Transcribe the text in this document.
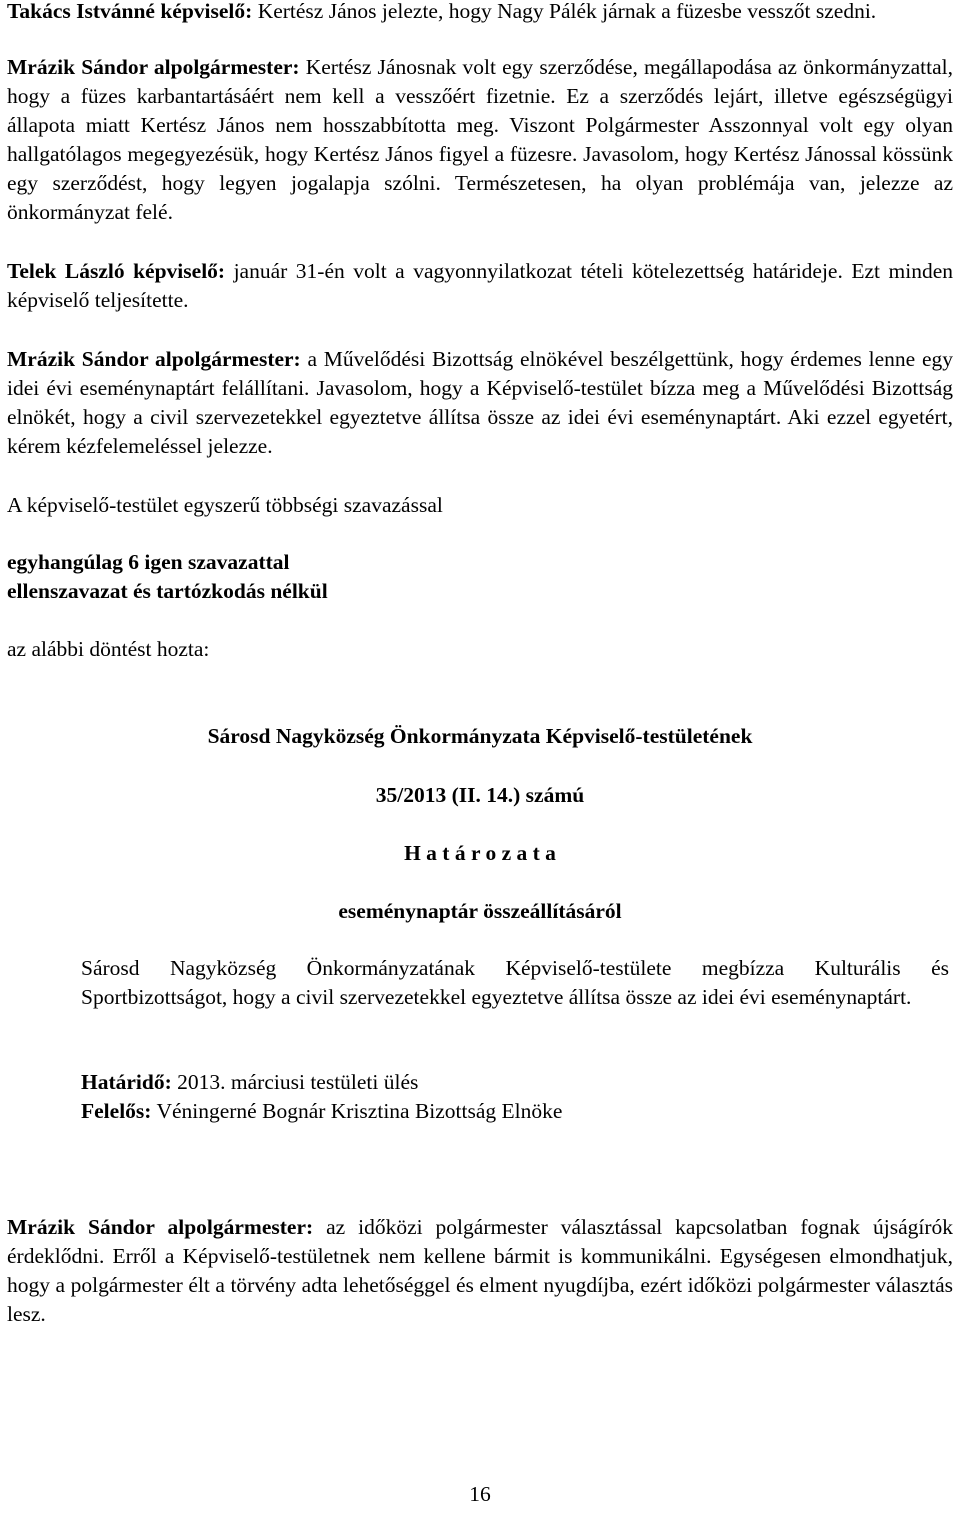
Takács Istvánné képviselő: Kertész János jelezte, hogy Nagy Pálék járnak a füzesbe vesszőt szedni.

Mrázik Sándor alpolgármester: Kertész Jánosnak volt egy szerződése, megállapodása az önkormányzattal, hogy a füzes karbantartásáért nem kell a vesszőért fizetnie. Ez a szerződés lejárt, illetve egészségügyi állapota miatt Kertész János nem hosszabbította meg. Viszont Polgármester Asszonnyal volt egy olyan hallgatólagos megegyezésük, hogy Kertész János figyel a füzesre. Javasolom, hogy Kertész Jánossal kössünk egy szerződést, hogy legyen jogalapja szólni. Természetesen, ha olyan problémája van, jelezze az önkormányzat felé.

Telek László képviselő: január 31-én volt a vagyonnyilatkozat tételi kötelezettség határideje. Ezt minden képviselő teljesítette.

Mrázik Sándor alpolgármester: a Művelődési Bizottság elnökével beszélgettünk, hogy érdemes lenne egy idei évi eseménynaptárt felállítani. Javasolom, hogy a Képviselő-testület bízza meg a Művelődési Bizottság elnökét, hogy a civil szervezetekkel egyeztetve állítsa össze az idei évi eseménynaptárt. Aki ezzel egyetért, kérem kézfelemeléssel jelezze.

A képviselő-testület egyszerű többségi szavazással

egyhangúlag 6 igen szavazattal

ellenszavazat és tartózkodás nélkül

az alábbi döntést hozta:

Sárosd Nagyközség Önkormányzata Képviselő-testületének

35/2013 (II. 14.) számú

H a t á r o z a t a

eseménynaptár összeállításáról

Sárosd Nagyközség Önkormányzatának Képviselő-testülete megbízza Kulturális és Sportbizottságot, hogy a civil szervezetekkel egyeztetve állítsa össze az idei évi eseménynaptárt.

Határidő: 2013. márciusi testületi ülés

Felelős: Véningerné Bognár Krisztina Bizottság Elnöke

Mrázik Sándor alpolgármester: az időközi polgármester választással kapcsolatban fognak újságírók érdeklődni. Erről a Képviselő-testületnek nem kellene bármit is kommunikálni. Egységesen elmondhatjuk, hogy a polgármester élt a törvény adta lehetőséggel és elment nyugdíjba, ezért időközi polgármester választás lesz.

16
